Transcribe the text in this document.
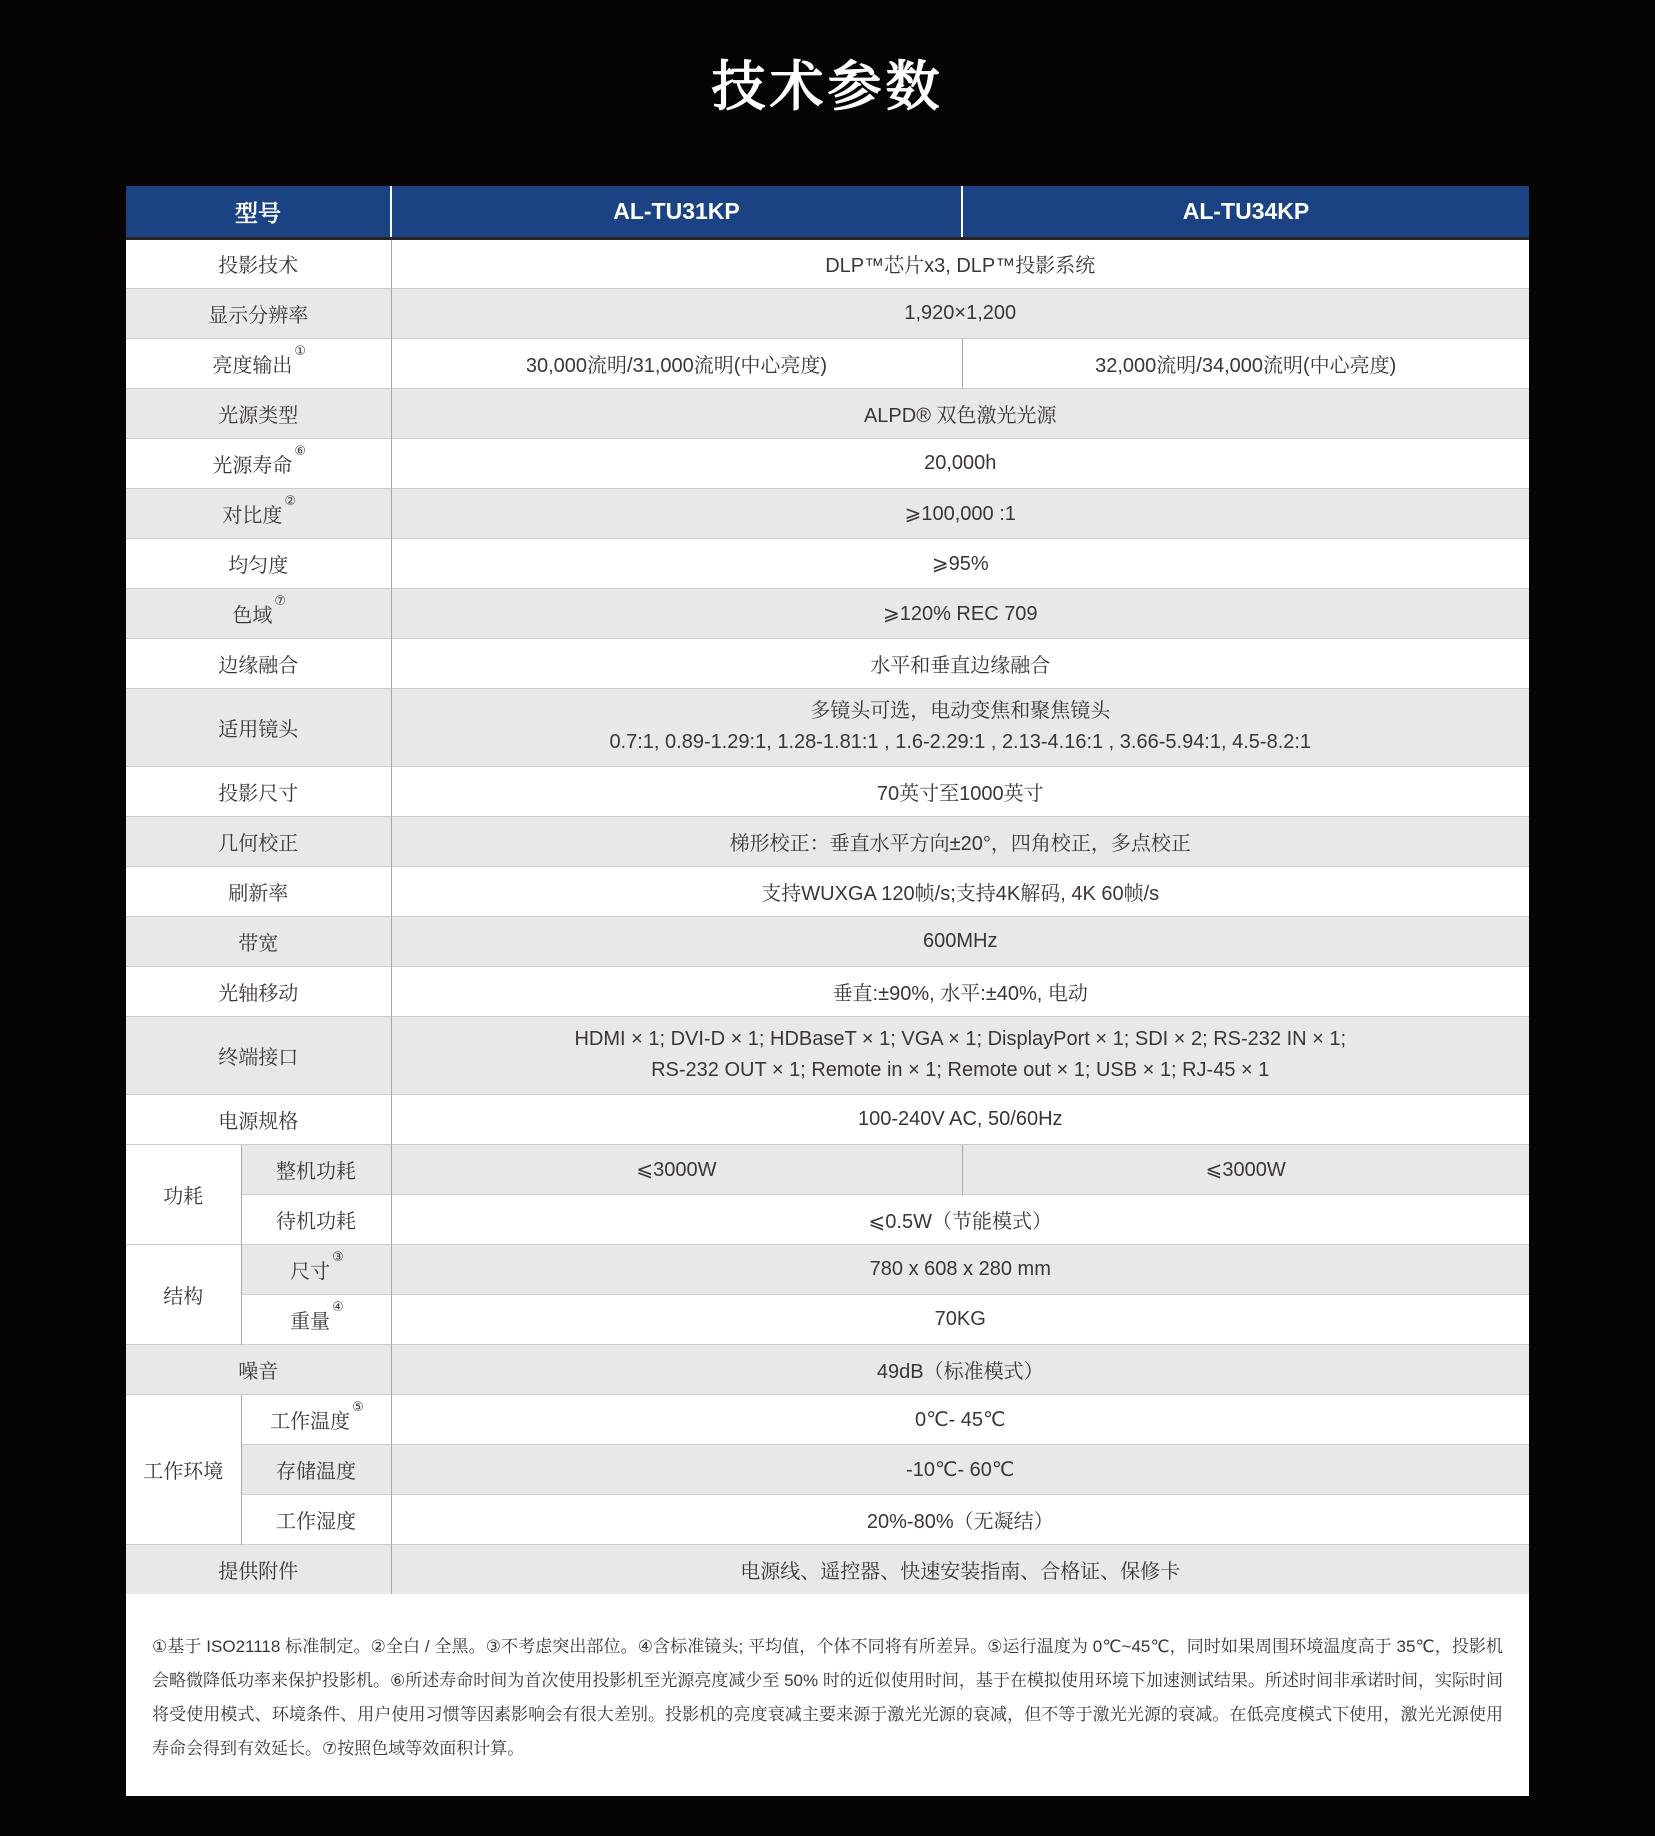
技术参数
型号		AL-TU31KP	AL-TU34KP
投影技术		DLP™芯片x3, DLP™投影系统	
显示分辨率		1,920×1,200	
亮度输出①		30,000流明/31,000流明(中心亮度)	32,000流明/34,000流明(中心亮度)
光源类型		ALPD® 双色激光光源	
光源寿命⑥		20,000h	
对比度②		⩾100,000 :1	
均匀度		⩾95%	
色域⑦		⩾120% REC 709	
边缘融合		水平和垂直边缘融合	
适用镜头		多镜头可选，电动变焦和聚焦镜头
0.7:1, 0.89-1.29:1, 1.28-1.81:1 , 1.6-2.29:1 , 2.13-4.16:1 , 3.66-5.94:1, 4.5-8.2:1	

投影尺寸		70英寸至1000英寸	
几何校正		梯形校正：垂直水平方向±20°，四角校正，多点校正	
刷新率		支持WUXGA 120帧/s;支持4K解码, 4K 60帧/s	
带宽		600MHz	
光轴移动		垂直:±90%, 水平:±40%, 电动	
终端接口		HDMI × 1; DVI-D × 1; HDBaseT × 1; VGA × 1; DisplayPort × 1; SDI × 2; RS-232 IN × 1;
RS-232 OUT × 1; Remote in × 1; Remote out × 1; USB × 1; RJ-45 × 1	

电源规格		100-240V AC, 50/60Hz	
功耗	整机功耗	⩽3000W	⩽3000W
	待机功耗	⩽0.5W（节能模式）	
结构	尺寸③	780 x 608 x 280 mm	
	重量④	70KG	
噪音		49dB（标准模式）	
工作环境	工作温度⑤	0℃- 45℃	
	存储温度	-10℃- 60℃	
	工作湿度	20%-80%（无凝结）	
提供附件		电源线、遥控器、快速安装指南、合格证、保修卡	
①基于 ISO21118 标准制定。②全白 / 全黑。③不考虑突出部位。④含标准镜头; 平均值，个体不同将有所差异。⑤运行温度为 0℃~45℃，同时如果周围环境温度高于 35℃，投影机会略微降低功率来保护投影机。⑥所述寿命时间为首次使用投影机至光源亮度减少至 50% 时的近似使用时间，基于在模拟使用环境下加速测试结果。所述时间非承诺时间，实际时间将受使用模式、环境条件、用户使用习惯等因素影响会有很大差别。投影机的亮度衰减主要来源于激光光源的衰减，但不等于激光光源的衰减。在低亮度模式下使用，激光光源使用寿命会得到有效延长。⑦按照色域等效面积计算。
